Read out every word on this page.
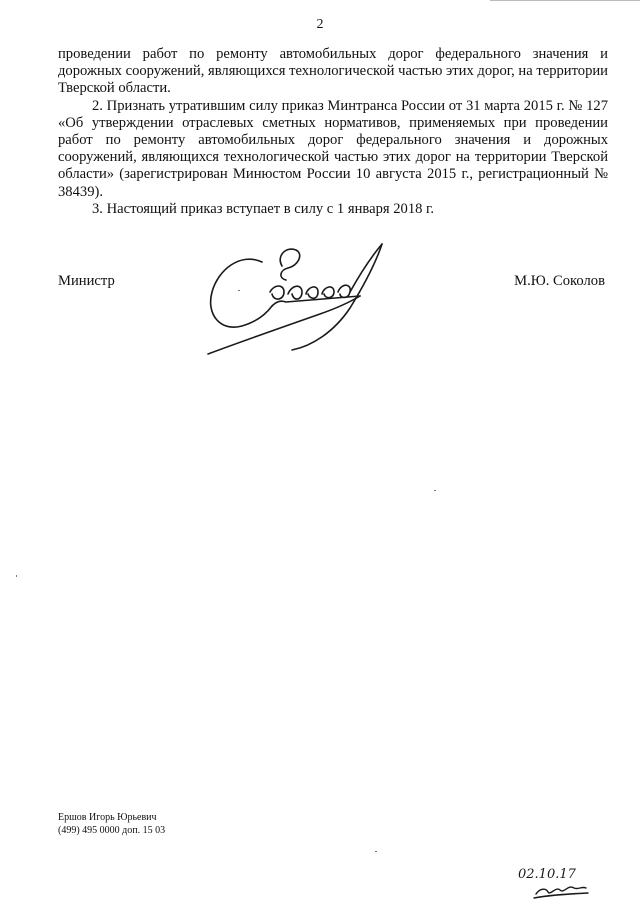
2

проведении работ по ремонту автомобильных дорог федерального значения и дорожных сооружений, являющихся технологической частью этих дорог, на территории Тверской области.

2. Признать утратившим силу приказ Минтранса России от 31 марта 2015 г. № 127 «Об утверждении отраслевых сметных нормативов, применяемых при проведении работ по ремонту автомобильных дорог федерального значения и дорожных сооружений, являющихся технологической частью этих дорог на территории Тверской области» (зарегистрирован Минюстом России 10 августа 2015 г., регистрационный № 38439).

3. Настоящий приказ вступает в силу с 1 января 2018 г.

Министр	М.Ю. Соколов
Ершов Игорь Юрьевич
(499) 495 0000 доп. 15 03
02.10.17
